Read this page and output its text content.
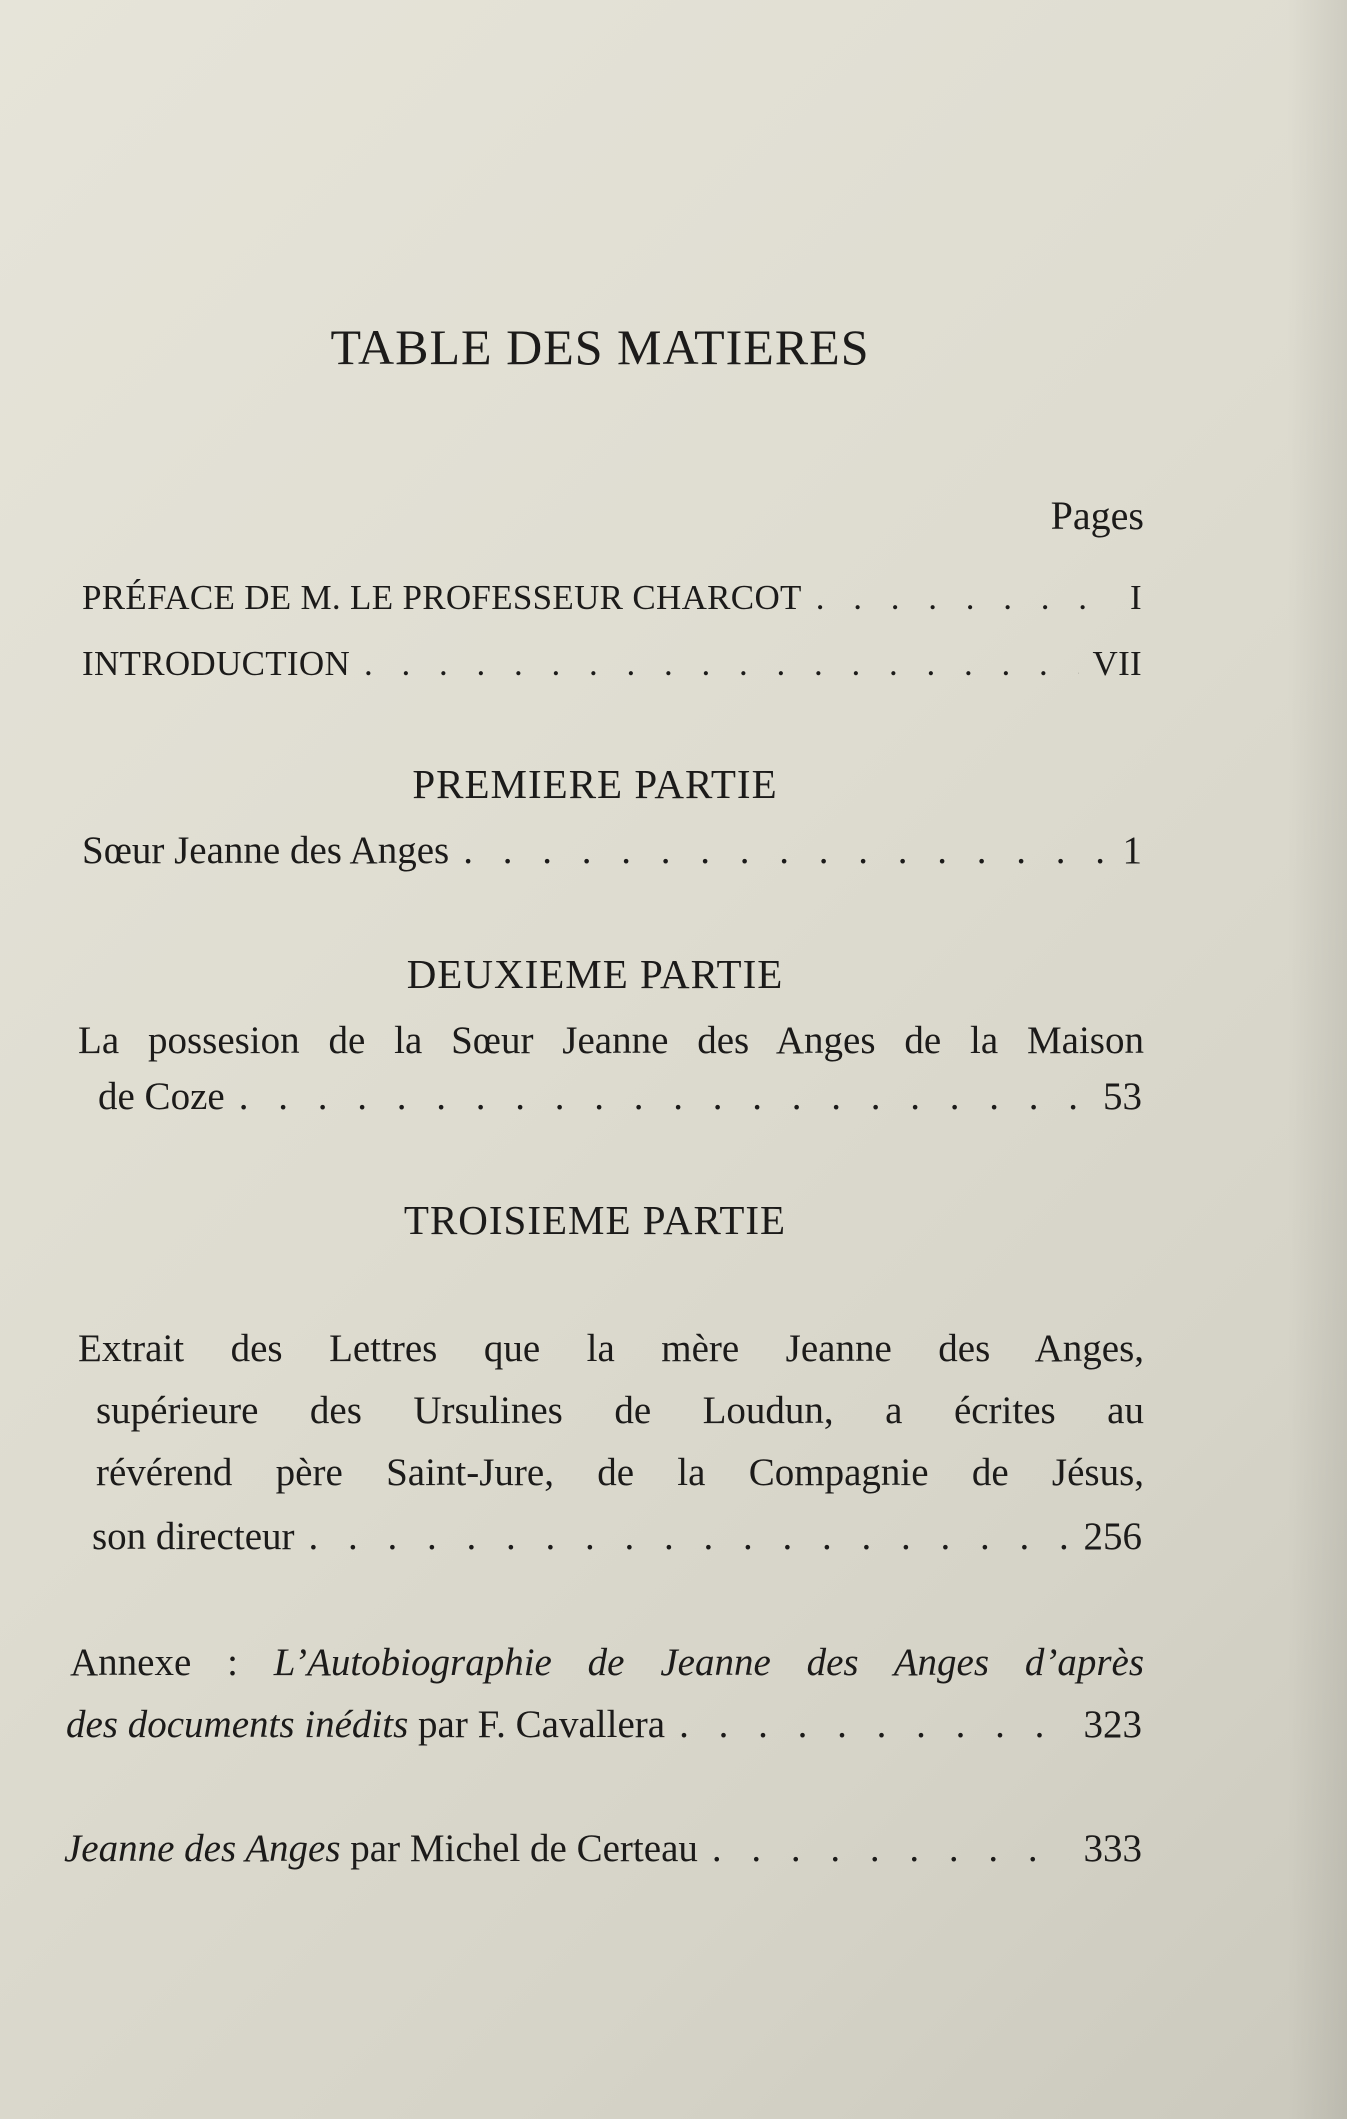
TABLE DES MATIERES
Pages
PRÉFACE DE M. LE PROFESSEUR CHARCOT . . .	I
INTRODUCTION . . .	VII
PREMIERE PARTIE
Sœur Jeanne des Anges . . .	1
DEUXIEME PARTIE
La possesion de la Sœur Jeanne des Anges de la Maison
de Coze . . .	53
TROISIEME PARTIE
Extrait des Lettres que la mère Jeanne des Anges,
supérieure des Ursulines de Loudun, a écrites au
révérend père Saint-Jure, de la Compagnie de Jésus,
son directeur . . .	256
Annexe : L’Autobiographie de Jeanne des Anges d’après
des documents inédits par F. Cavallera . . .	323
Jeanne des Anges par Michel de Certeau . . .	333
